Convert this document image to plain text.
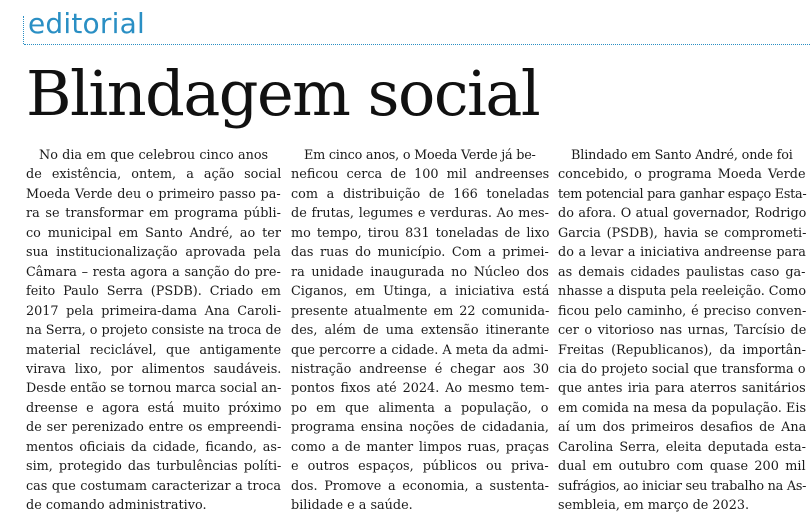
editorial
Blindagem social

No dia em que celebrou cinco anos

de existência, ontem, a ação social

Moeda Verde deu o primeiro passo pa-

ra se transformar em programa públi-

co municipal em Santo André, ao ter

sua institucionalização aprovada pela

Câmara – resta agora a sanção do pre-

feito Paulo Serra (PSDB). Criado em

2017 pela primeira-dama Ana Caroli-

na Serra, o projeto consiste na troca de

material reciclável, que antigamente

virava lixo, por alimentos saudáveis.

Desde então se tornou marca social an-

dreense e agora está muito próximo

de ser perenizado entre os empreendi-

mentos oficiais da cidade, ficando, as-

sim, protegido das turbulências políti-

cas que costumam caracterizar a troca

de comando administrativo.

Em cinco anos, o Moeda Verde já be-

neficou cerca de 100 mil andreenses

com a distribuição de 166 toneladas

de frutas, legumes e verduras. Ao mes-

mo tempo, tirou 831 toneladas de lixo

das ruas do município. Com a primei-

ra unidade inaugurada no Núcleo dos

Ciganos, em Utinga, a iniciativa está

presente atualmente em 22 comunida-

des, além de uma extensão itinerante

que percorre a cidade. A meta da admi-

nistração andreense é chegar aos 30

pontos fixos até 2024. Ao mesmo tem-

po em que alimenta a população, o

programa ensina noções de cidadania,

como a de manter limpos ruas, praças

e outros espaços, públicos ou priva-

dos. Promove a economia, a sustenta-

bilidade e a saúde.

Blindado em Santo André, onde foi

concebido, o programa Moeda Verde

tem potencial para ganhar espaço Esta-

do afora. O atual governador, Rodrigo

Garcia (PSDB), havia se comprometi-

do a levar a iniciativa andreense para

as demais cidades paulistas caso ga-

nhasse a disputa pela reeleição. Como

ficou pelo caminho, é preciso conven-

cer o vitorioso nas urnas, Tarcísio de

Freitas (Republicanos), da importân-

cia do projeto social que transforma o

que antes iria para aterros sanitários

em comida na mesa da população. Eis

aí um dos primeiros desafios de Ana

Carolina Serra, eleita deputada esta-

dual em outubro com quase 200 mil

sufrágios, ao iniciar seu trabalho na As-

sembleia, em março de 2023.
